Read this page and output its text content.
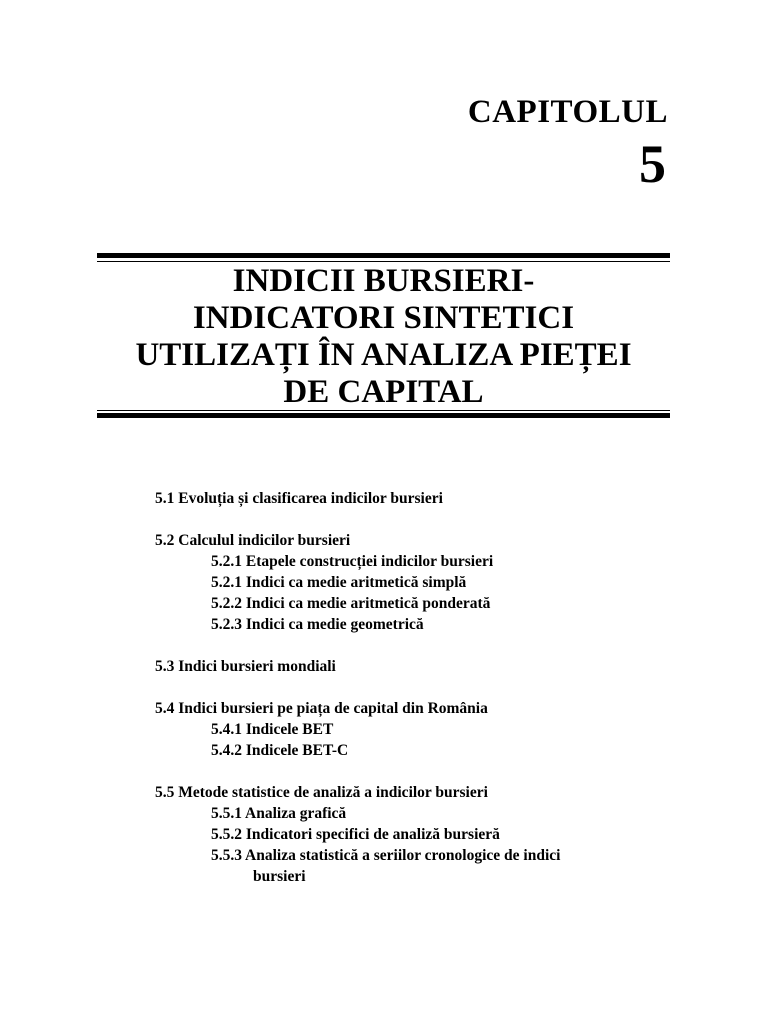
CAPITOLUL
5
INDICII BURSIERI-
INDICATORI SINTETICI
UTILIZAȚI ÎN ANALIZA PIEȚEI
DE CAPITAL
5.1 Evoluția și clasificarea indicilor bursieri
5.2 Calculul indicilor bursieri
5.2.1 Etapele construcției indicilor bursieri
5.2.1 Indici ca medie aritmetică simplă
5.2.2 Indici ca medie aritmetică ponderată
5.2.3 Indici ca medie geometrică
5.3 Indici bursieri mondiali
5.4 Indici bursieri pe piața de capital din România
5.4.1 Indicele BET
5.4.2 Indicele BET-C
5.5 Metode statistice de analiză a indicilor bursieri
5.5.1 Analiza grafică
5.5.2 Indicatori specifici de analiză bursieră
5.5.3 Analiza statistică a seriilor cronologice de indici
bursieri
